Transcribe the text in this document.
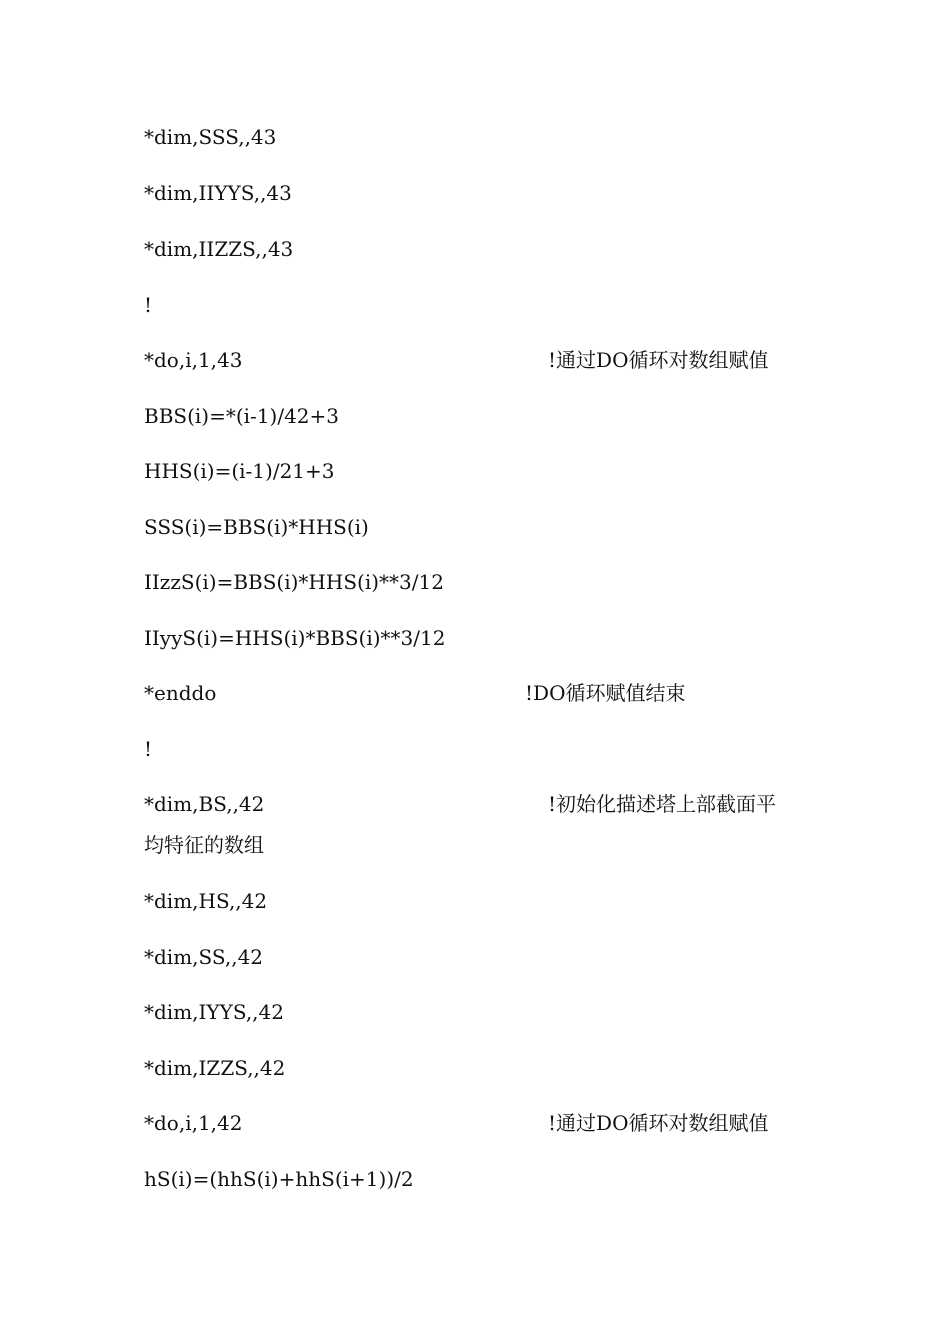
*dim,SSS,,43
*dim,IIYYS,,43
*dim,IIZZS,,43
!
*do,i,1,43	!通过DO循环对数组赋值
BBS(i)=*(i-1)/42+3
HHS(i)=(i-1)/21+3
SSS(i)=BBS(i)*HHS(i)
IIzzS(i)=BBS(i)*HHS(i)**3/12
IIyyS(i)=HHS(i)*BBS(i)**3/12
*enddo	!DO循环赋值结束
!
*dim,BS,,42	!初始化描述塔上部截面平
均特征的数组
*dim,HS,,42
*dim,SS,,42
*dim,IYYS,,42
*dim,IZZS,,42
*do,i,1,42	!通过DO循环对数组赋值
hS(i)=(hhS(i)+hhS(i+1))/2
